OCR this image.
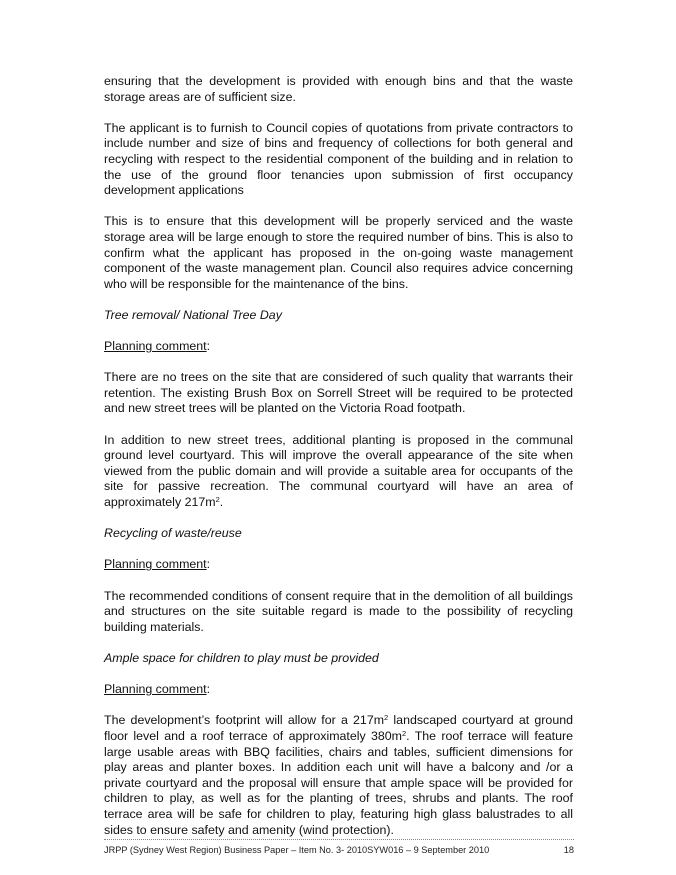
ensuring that the development is provided with enough bins and that the waste storage areas are of sufficient size.

The applicant is to furnish to Council copies of quotations from private contractors to include number and size of bins and frequency of collections for both general and recycling with respect to the residential component of the building and in relation to the use of the ground floor tenancies upon submission of first occupancy development applications

This is to ensure that this development will be properly serviced and the waste storage area will be large enough to store the required number of bins. This is also to confirm what the applicant has proposed in the on-going waste management component of the waste management plan. Council also requires advice concerning who will be responsible for the maintenance of the bins.

Tree removal/ National Tree Day

Planning comment:

There are no trees on the site that are considered of such quality that warrants their retention. The existing Brush Box on Sorrell Street will be required to be protected and new street trees will be planted on the Victoria Road footpath.

In addition to new street trees, additional planting is proposed in the communal ground level courtyard. This will improve the overall appearance of the site when viewed from the public domain and will provide a suitable area for occupants of the site for passive recreation. The communal courtyard will have an area of approximately $217m^2$.

Recycling of waste/reuse

Planning comment:

The recommended conditions of consent require that in the demolition of all buildings and structures on the site suitable regard is made to the possibility of recycling building materials.

Ample space for children to play must be provided

Planning comment:

The development’s footprint will allow for a $217m^2$ landscaped courtyard at ground floor level and a roof terrace of approximately $380m^2$. The roof terrace will feature large usable areas with BBQ facilities, chairs and tables, sufficient dimensions for play areas and planter boxes. In addition each unit will have a balcony and /or a private courtyard and the proposal will ensure that ample space will be provided for children to play, as well as for the planting of trees, shrubs and plants. The roof terrace area will be safe for children to play, featuring high glass balustrades to all sides to ensure safety and amenity (wind protection).

JRPP (Sydney West Region) Business Paper – Item No. 3- 2010SYW016 – 9 September 2010	18
